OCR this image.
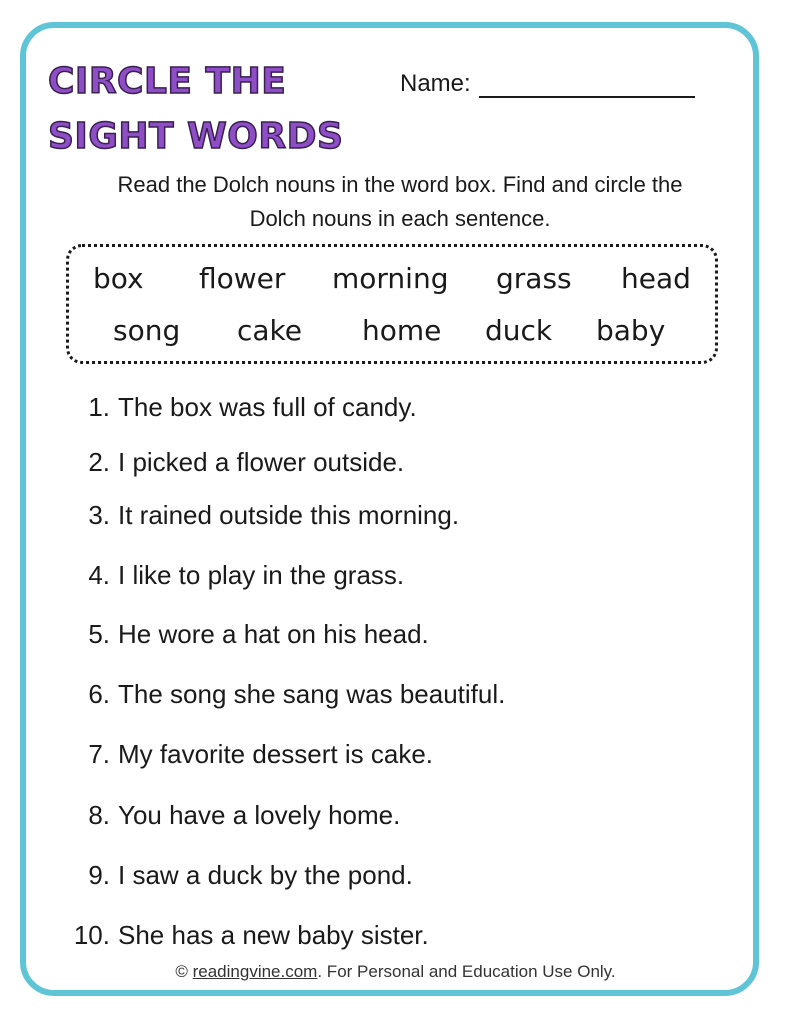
CIRCLE THE
SIGHT WORDS
Name:

Read the Dolch nouns in the word box. Find and circle the Dolch nouns in each sentence.

box flower morning grass head
song cake home duck baby
1. The box was full of candy.
2. I picked a flower outside.
3. It rained outside this morning.
4. I like to play in the grass.
5. He wore a hat on his head.
6. The song she sang was beautiful.
7. My favorite dessert is cake.
8. You have a lovely home.
9. I saw a duck by the pond.
10. She has a new baby sister.
© readingvine.com. For Personal and Education Use Only.
